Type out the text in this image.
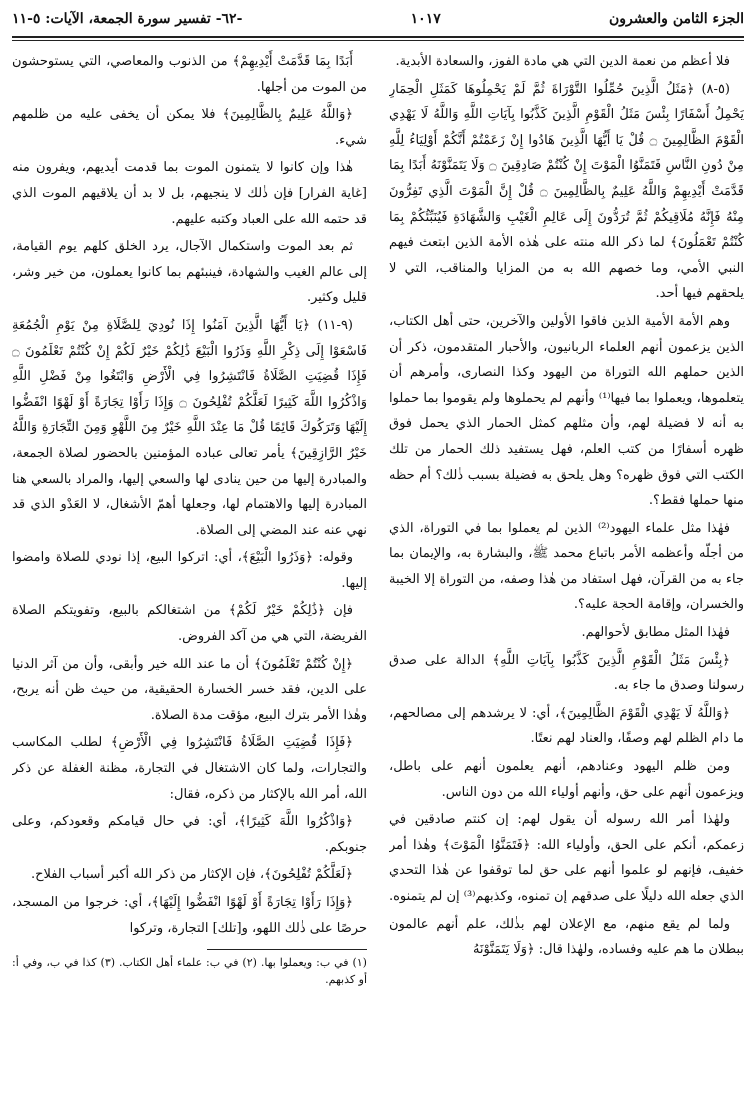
الجزء الثامن والعشرون
١٠١٧
-٦٢- تفسير سورة الجمعة، الآيات: ٥-١١

فلا أعظم من نعمة الدين التي هي مادة الفوز، والسعادة الأبدية.

(٥-٨) ﴿مَثَلُ الَّذِينَ حُمِّلُوا التَّوْرَاةَ ثُمَّ لَمْ يَحْمِلُوهَا كَمَثَلِ الْحِمَارِ يَحْمِلُ أَسْفَارًا بِئْسَ مَثَلُ الْقَوْمِ الَّذِينَ كَذَّبُوا بِآيَاتِ اللَّهِ وَاللَّهُ لَا يَهْدِي الْقَوْمَ الظَّالِمِينَ ۝ قُلْ يَا أَيُّهَا الَّذِينَ هَادُوا إِنْ زَعَمْتُمْ أَنَّكُمْ أَوْلِيَاءُ لِلَّهِ مِنْ دُونِ النَّاسِ فَتَمَنَّوُا الْمَوْتَ إِنْ كُنْتُمْ صَادِقِينَ ۝ وَلَا يَتَمَنَّوْنَهُ أَبَدًا بِمَا قَدَّمَتْ أَيْدِيهِمْ وَاللَّهُ عَلِيمٌ بِالظَّالِمِينَ ۝ قُلْ إِنَّ الْمَوْتَ الَّذِي تَفِرُّونَ مِنْهُ فَإِنَّهُ مُلَاقِيكُمْ ثُمَّ تُرَدُّونَ إِلَى عَالِمِ الْغَيْبِ وَالشَّهَادَةِ فَيُنَبِّئُكُمْ بِمَا كُنْتُمْ تَعْمَلُونَ﴾ لما ذكر الله منته على هٰذه الأمة الذين ابتعث فيهم النبي الأمي، وما خصهم الله به من المزايا والمناقب، التي لا يلحقهم فيها أحد.

وهم الأمة الأمية الذين فاقوا الأولين والآخرين، حتى أهل الكتاب، الذين يزعمون أنهم العلماء الربانيون، والأحبار المتقدمون، ذكر أن الذين حملهم الله التوراة من اليهود وكذا النصارى، وأمرهم أن يتعلموها، ويعملوا بما فيها⁽¹⁾ وأنهم لم يحملوها ولم يقوموا بما حملوا به أنه لا فضيلة لهم، وأن مثلهم كمثل الحمار الذي يحمل فوق ظهره أسفارًا من كتب العلم، فهل يستفيد ذلك الحمار من تلك الكتب التي فوق ظهره؟ وهل يلحق به فضيلة بسبب ذٰلك؟ أم حظه منها حملها فقط؟.

فهٰذا مثل علماء اليهود⁽²⁾ الذين لم يعملوا بما في التوراة، الذي من أجلّه وأعظمه الأمر باتباع محمد ﷺ، والبشارة به، والإيمان بما جاء به من القرآن، فهل استفاد من هٰذا وصفه، من التوراة إلا الخيبة والخسران، وإقامة الحجة عليه؟.

فهٰذا المثل مطابق لأحوالهم.

﴿بِئْسَ مَثَلُ الْقَوْمِ الَّذِينَ كَذَّبُوا بِآيَاتِ اللَّهِ﴾ الدالة على صدق رسولنا وصدق ما جاء به.

﴿وَاللَّهُ لَا يَهْدِي الْقَوْمَ الظَّالِمِينَ﴾، أي: لا يرشدهم إلى مصالحهم، ما دام الظلم لهم وصفًا، والعناد لهم نعتًا.

ومن ظلم اليهود وعنادهم، أنهم يعلمون أنهم على باطل، ويزعمون أنهم على حق، وأنهم أولياء الله من دون الناس.

ولهٰذا أمر الله رسوله أن يقول لهم: إن كنتم صادقين في زعمكم، أنكم على الحق، وأولياء الله: ﴿فَتَمَنَّوُا الْمَوْتَ﴾ وهٰذا أمر خفيف، فإنهم لو علموا أنهم على حق لما توقفوا عن هٰذا التحدي الذي جعله الله دليلًا على صدقهم إن تمنوه، وكذبهم⁽³⁾ إن لم يتمنوه.

ولما لم يقع منهم، مع الإعلان لهم بذٰلك، علم أنهم عالمون ببطلان ما هم عليه وفساده، ولهٰذا قال: ﴿وَلَا يَتَمَنَّوْنَهُ

أَبَدًا بِمَا قَدَّمَتْ أَيْدِيهِمْ﴾ من الذنوب والمعاصي، التي يستوحشون من الموت من أجلها.

﴿وَاللَّهُ عَلِيمٌ بِالظَّالِمِينَ﴾ فلا يمكن أن يخفى عليه من ظلمهم شيء.

هٰذا وإن كانوا لا يتمنون الموت بما قدمت أيديهم، ويفرون منه [غاية الفرار] فإن ذٰلك لا ينجيهم، بل لا بد أن يلاقيهم الموت الذي قد حتمه الله على العباد وكتبه عليهم.

ثم بعد الموت واستكمال الآجال، يرد الخلق كلهم يوم القيامة، إلى عالم الغيب والشهادة، فينبئهم بما كانوا يعملون، من خير وشر، قليل وكثير.

(٩-١١) ﴿يَا أَيُّهَا الَّذِينَ آمَنُوا إِذَا نُودِيَ لِلصَّلَاةِ مِنْ يَوْمِ الْجُمُعَةِ فَاسْعَوْا إِلَى ذِكْرِ اللَّهِ وَذَرُوا الْبَيْعَ ذَٰلِكُمْ خَيْرٌ لَكُمْ إِنْ كُنْتُمْ تَعْلَمُونَ ۝ فَإِذَا قُضِيَتِ الصَّلَاةُ فَانْتَشِرُوا فِي الْأَرْضِ وَابْتَغُوا مِنْ فَضْلِ اللَّهِ وَاذْكُرُوا اللَّهَ كَثِيرًا لَعَلَّكُمْ تُفْلِحُونَ ۝ وَإِذَا رَأَوْا تِجَارَةً أَوْ لَهْوًا انْفَضُّوا إِلَيْهَا وَتَرَكُوكَ قَائِمًا قُلْ مَا عِنْدَ اللَّهِ خَيْرٌ مِنَ اللَّهْوِ وَمِنَ التِّجَارَةِ وَاللَّهُ خَيْرُ الرَّازِقِينَ﴾ يأمر تعالى عباده المؤمنين بالحضور لصلاة الجمعة، والمبادرة إليها من حين ينادى لها والسعي إليها، والمراد بالسعي هنا المبادرة إليها والاهتمام لها، وجعلها أهمّ الأشغال، لا العَدْو الذي قد نهي عنه عند المضي إلى الصلاة.

وقوله: ﴿وَذَرُوا الْبَيْعَ﴾، أي: اتركوا البيع، إذا نودي للصلاة وامضوا إليها.

فإن ﴿ذَٰلِكُمْ خَيْرٌ لَكُمْ﴾ من اشتغالكم بالبيع، وتفويتكم الصلاة الفريضة، التي هي من آكد الفروض.

﴿إِنْ كُنْتُمْ تَعْلَمُونَ﴾ أن ما عند الله خير وأبقى، وأن من آثر الدنيا على الدين، فقد خسر الخسارة الحقيقية، من حيث ظن أنه يربح، وهٰذا الأمر بترك البيع، مؤقت مدة الصلاة.

﴿فَإِذَا قُضِيَتِ الصَّلَاةُ فَانْتَشِرُوا فِي الْأَرْضِ﴾ لطلب المكاسب والتجارات، ولما كان الاشتغال في التجارة، مظنة الغفلة عن ذكر الله، أمر الله بالإكثار من ذكره، فقال:

﴿وَاذْكُرُوا اللَّهَ كَثِيرًا﴾، أي: في حال قيامكم وقعودكم، وعلى جنوبكم.

﴿لَعَلَّكُمْ تُفْلِحُونَ﴾، فإن الإكثار من ذكر الله أكبر أسباب الفلاح.

﴿وَإِذَا رَأَوْا تِجَارَةً أَوْ لَهْوًا انْفَضُّوا إِلَيْهَا﴾، أي: خرجوا من المسجد، حرصًا على ذٰلك اللهو، و[تلك] التجارة، وتركوا

(١) في ب: ويعملوا بها. (٢) في ب: علماء أهل الكتاب. (٣) كذا في ب، وفي أ: أو كذبهم.
